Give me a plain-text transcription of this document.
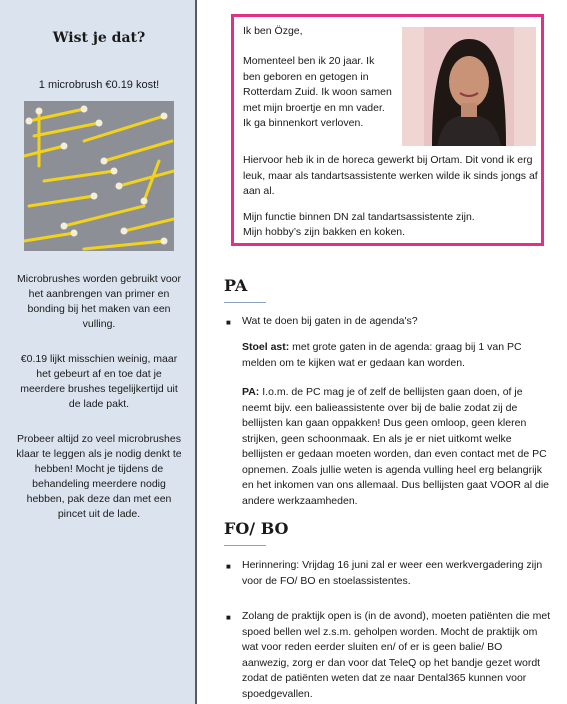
Wist je dat?
1 microbrush €0.19 kost!
Microbrushes worden gebruikt voor het aanbrengen van primer en bonding bij het maken van een vulling.
€0.19 lijkt misschien weinig, maar het gebeurt af en toe dat je meerdere brushes tegelijkertijd uit de lade pakt.
Probeer altijd zo veel microbrushes klaar te leggen als je nodig denkt te hebben! Mocht je tijdens de behandeling meerdere nodig hebben, pak deze dan met een pincet uit de lade.
Ik ben Özge,
Momenteel ben ik 20 jaar. Ik ben geboren en getogen in Rotterdam Zuid. Ik woon samen met mijn broertje en mn vader. Ik ga binnenkort verloven.
Hiervoor heb ik in de horeca gewerkt bij Ortam. Dit vond ik erg leuk, maar als tandartsassistente werken wilde ik sinds jongs af aan al.
Mijn functie binnen DN zal tandartsassistente zijn.
Mijn hobby’s zijn bakken en koken.
PA
■ Wat te doen bij gaten in de agenda's?
Stoel ast: met grote gaten in de agenda: graag bij 1 van PC melden om te kijken wat er gedaan kan worden.
PA: I.o.m. de PC mag je of zelf de bellijsten gaan doen, of je neemt bijv. een balieassistente over bij de balie zodat zij de bellijsten kan gaan oppakken! Dus geen omloop, geen kleren strijken, geen schoonmaak. En als je er niet uitkomt welke bellijsten er gedaan moeten worden, dan even contact met de PC opnemen. Zoals jullie weten is agenda vulling heel erg belangrijk en het inkomen van ons allemaal. Dus bellijsten gaat VOOR al die andere werkzaamheden.
FO/ BO
■ Herinnering: Vrijdag 16 juni zal er weer een werkvergadering zijn voor de FO/ BO en stoelassistentes.
■ Zolang de praktijk open is (in de avond), moeten patiënten die met spoed bellen wel z.s.m. geholpen worden. Mocht de praktijk om wat voor reden eerder sluiten en/ of er is geen balie/ BO aanwezig, zorg er dan voor dat TeleQ op het bandje gezet wordt zodat de patiënten weten dat ze naar Dental365 kunnen voor spoedgevallen.
